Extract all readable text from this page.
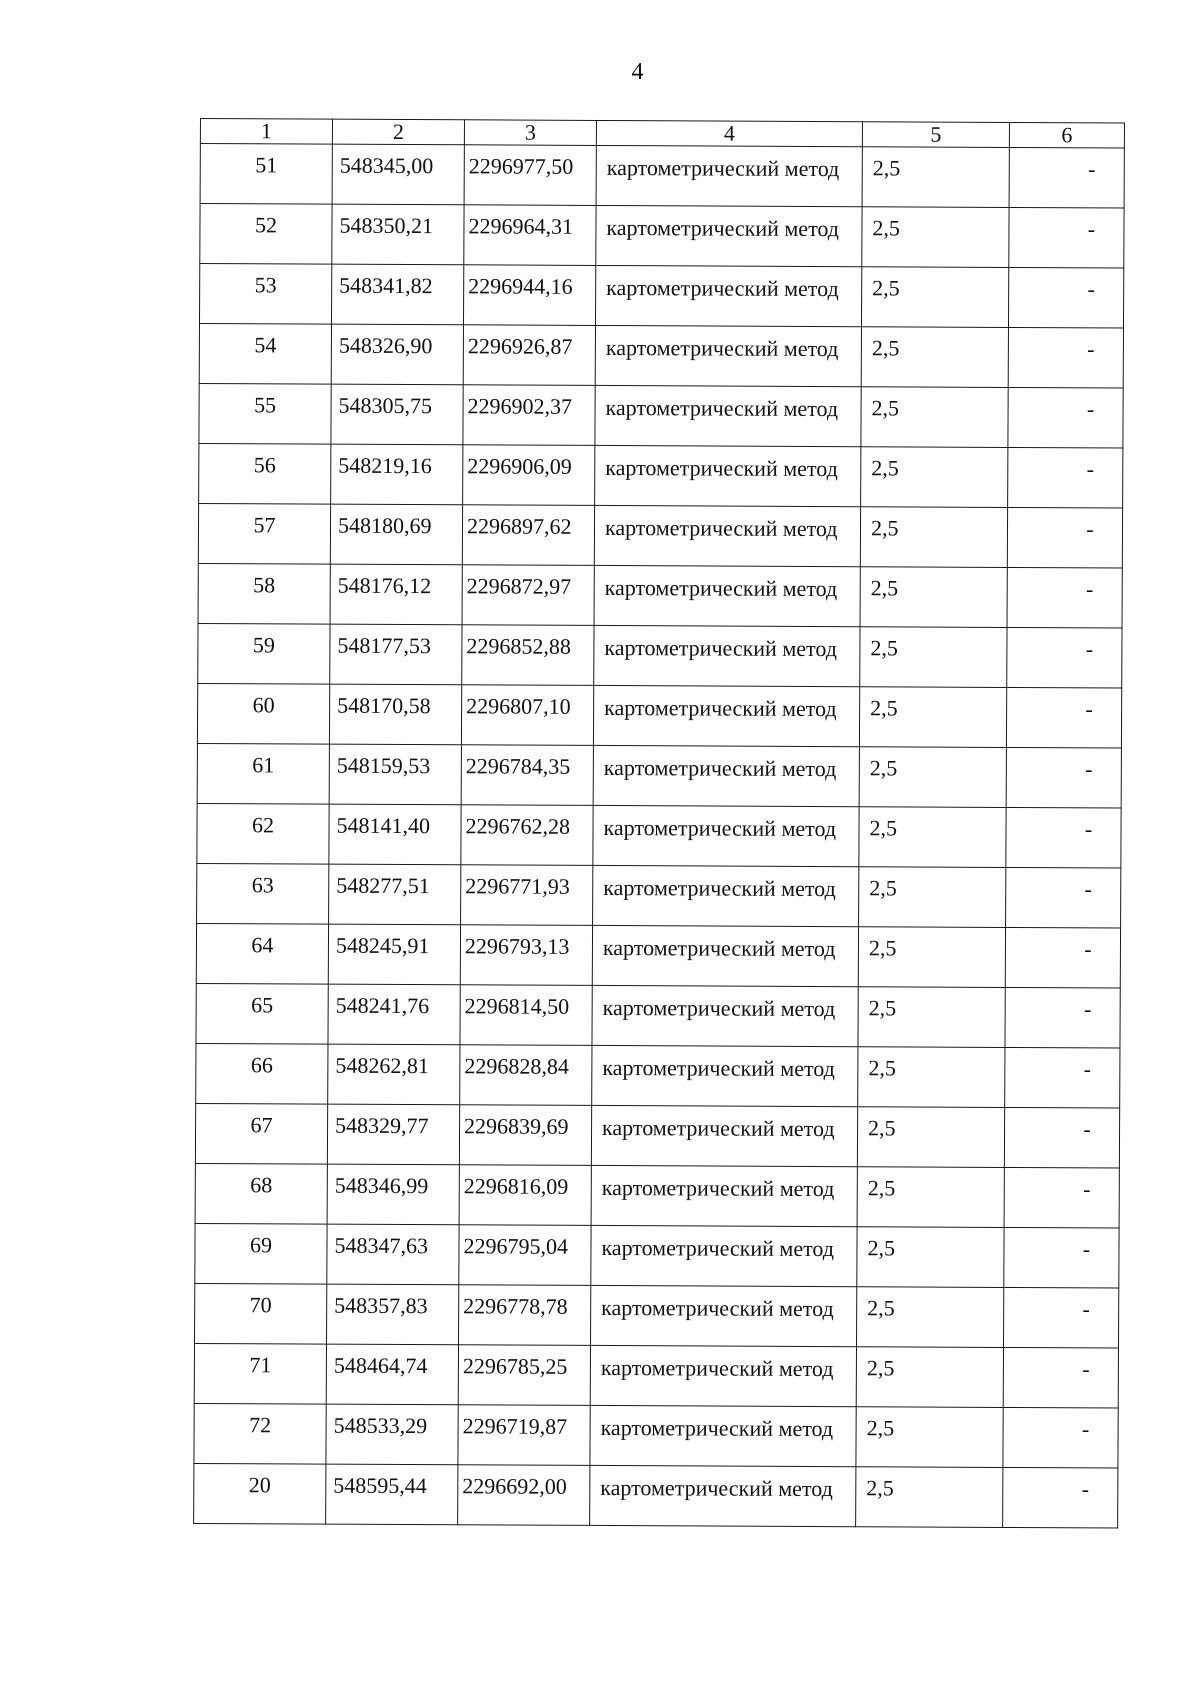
4
1	2	3	4	5	6
51	548345,00	2296977,50	картометрический метод	2,5	-
52	548350,21	2296964,31	картометрический метод	2,5	-
53	548341,82	2296944,16	картометрический метод	2,5	-
54	548326,90	2296926,87	картометрический метод	2,5	-
55	548305,75	2296902,37	картометрический метод	2,5	-
56	548219,16	2296906,09	картометрический метод	2,5	-
57	548180,69	2296897,62	картометрический метод	2,5	-
58	548176,12	2296872,97	картометрический метод	2,5	-
59	548177,53	2296852,88	картометрический метод	2,5	-
60	548170,58	2296807,10	картометрический метод	2,5	-
61	548159,53	2296784,35	картометрический метод	2,5	-
62	548141,40	2296762,28	картометрический метод	2,5	-
63	548277,51	2296771,93	картометрический метод	2,5	-
64	548245,91	2296793,13	картометрический метод	2,5	-
65	548241,76	2296814,50	картометрический метод	2,5	-
66	548262,81	2296828,84	картометрический метод	2,5	-
67	548329,77	2296839,69	картометрический метод	2,5	-
68	548346,99	2296816,09	картометрический метод	2,5	-
69	548347,63	2296795,04	картометрический метод	2,5	-
70	548357,83	2296778,78	картометрический метод	2,5	-
71	548464,74	2296785,25	картометрический метод	2,5	-
72	548533,29	2296719,87	картометрический метод	2,5	-
20	548595,44	2296692,00	картометрический метод	2,5	-
